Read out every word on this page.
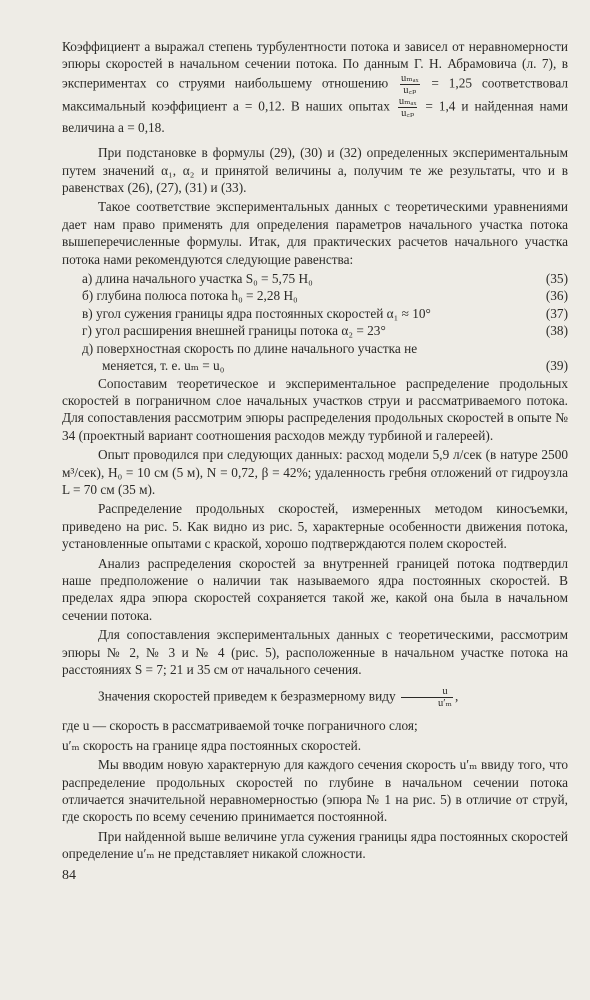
Коэффициент a выражал степень турбулентности потока и зависел от неравномерности эпюры скоростей в начальном сечении потока. По данным Г. Н. Абрамовича (л. 7), в экспериментах со струями наибольшему отношению $\frac{\text{uₘₐₓ}}{\text{u꜀ₚ}} = 1,25$ соответствовал максимальный коэффициент a = 0,12. В наших опытах $\frac{\text{uₘₐₓ}}{\text{u꜀ₚ}} = 1,4$ и найденная нами величина a = 0,18.

При подстановке в формулы (29), (30) и (32) определенных экспериментальным путем значений α₁, α₂ и принятой величины a, получим те же результаты, что и в равенствах (26), (27), (31) и (33).

Такое соответствие экспериментальных данных с теоретическими уравнениями дает нам право применять для определения параметров начального участка потока вышеперечисленные формулы. Итак, для практических расчетов начального участка потока нами рекомендуются следующие равенства:

а) длина начального участка S₀ = 5,75 H₀	(35)
б) глубина полюса потока h₀ = 2,28 H₀	(36)
в) угол сужения границы ядра постоянных скоростей α₁ ≈ 10°	(37)
г) угол расширения внешней границы потока α₂ = 23°	(38)
д) поверхностная скорость по длине начального участка не
меняется, т. е. uₘ = u₀	(39)

Сопоставим теоретическое и экспериментальное распределение продольных скоростей в пограничном слое начальных участков струи и рассматриваемого потока. Для сопоставления рассмотрим эпюры распределения продольных скоростей в опыте № 34 (проектный вариант соотношения расходов между турбиной и галереей).

Опыт проводился при следующих данных: расход модели 5,9 л/сек (в натуре 2500 м³/сек), H₀ = 10 см (5 м), N = 0,72, β = 42%; удаленность гребня отложений от гидроузла L = 70 см (35 м).

Распределение продольных скоростей, измеренных методом киносъемки, приведено на рис. 5. Как видно из рис. 5, характерные особенности движения потока, установленные опытами с краской, хорошо подтверждаются полем скоростей.

Анализ распределения скоростей за внутренней границей потока подтвердил наше предположение о наличии так называемого ядра постоянных скоростей. В пределах ядра эпюра скоростей сохраняется такой же, какой она была в начальном сечении потока.

Для сопоставления экспериментальных данных с теоретическими, рассмотрим эпюры № 2, № 3 и № 4 (рис. 5), расположенные в начальном участке потока на расстояниях S = 7; 21 и 35 см от начального сечения.

Значения скоростей приведем к безразмерному виду $\frac{u}{\text{u′ₘ}}$ ,

где u — скорость в рассматриваемой точке пограничного слоя;

u′ₘ скорость на границе ядра постоянных скоростей.

Мы вводим новую характерную для каждого сечения скорость u′ₘ ввиду того, что распределение продольных скоростей по глубине в начальном сечении потока отличается значительной неравномерностью (эпюра № 1 на рис. 5) в отличие от струй, где скорость по всему сечению принимается постоянной.

При найденной выше величине угла сужения границы ядра постоянных скоростей определение u′ₘ не представляет никакой сложности.

84
